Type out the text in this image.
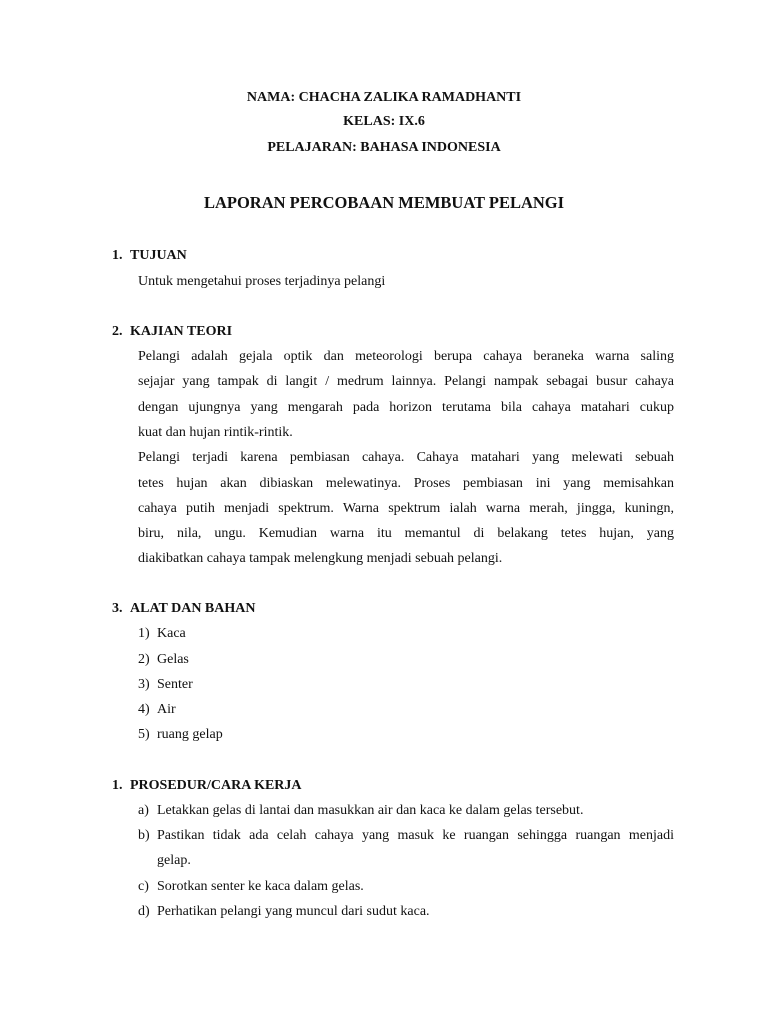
NAMA: CHACHA ZALIKA RAMADHANTI
KELAS: IX.6
PELAJARAN: BAHASA INDONESIA
LAPORAN PERCOBAAN MEMBUAT PELANGI
1. TUJUAN
Untuk mengetahui proses terjadinya pelangi
2. KAJIAN TEORI
Pelangi adalah gejala optik dan meteorologi berupa cahaya beraneka warna saling
sejajar yang tampak di langit / medrum lainnya. Pelangi nampak sebagai busur cahaya
dengan ujungnya yang mengarah pada horizon terutama bila cahaya matahari cukup
kuat dan hujan rintik-rintik.
Pelangi terjadi karena pembiasan cahaya. Cahaya matahari yang melewati sebuah
tetes hujan akan dibiaskan melewatinya. Proses pembiasan ini yang memisahkan
cahaya putih menjadi spektrum. Warna spektrum ialah warna merah, jingga, kuningn,
biru, nila, ungu. Kemudian warna itu memantul di belakang tetes hujan, yang
diakibatkan cahaya tampak melengkung menjadi sebuah pelangi.
3. ALAT DAN BAHAN
1) Kaca
2) Gelas
3) Senter
4) Air
5) ruang gelap
1. PROSEDUR/CARA KERJA
a) Letakkan gelas di lantai dan masukkan air dan kaca ke dalam gelas tersebut.
b) Pastikan tidak ada celah cahaya yang masuk ke ruangan sehingga ruangan menjadi
gelap.
c) Sorotkan senter ke kaca dalam gelas.
d) Perhatikan pelangi yang muncul dari sudut kaca.
